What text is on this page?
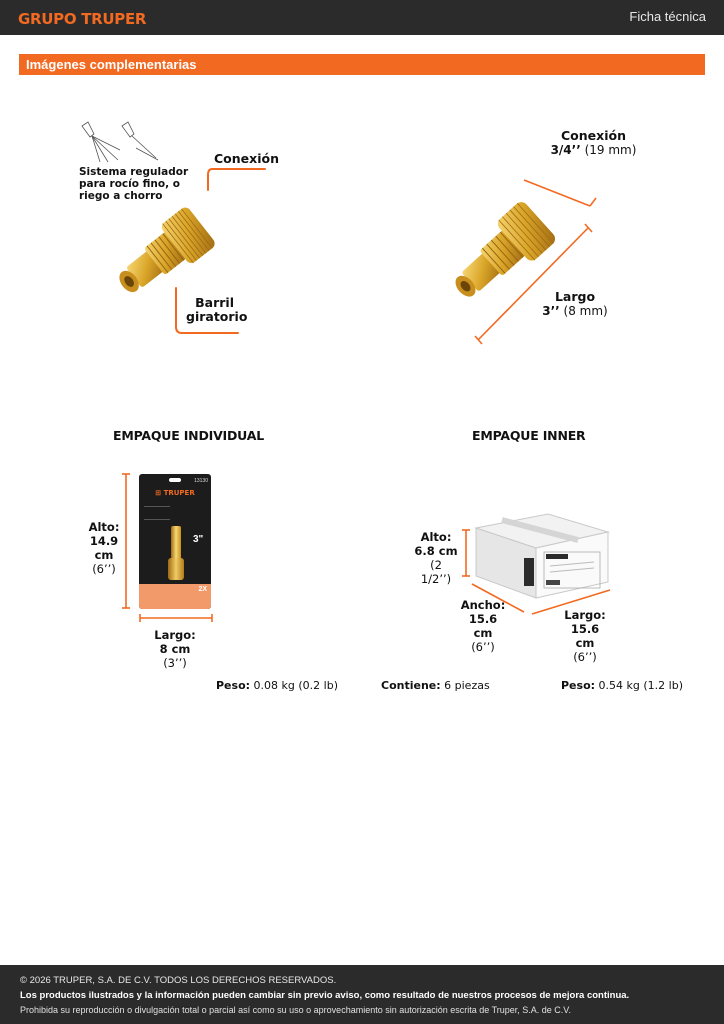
GRUPO TRUPER	Ficha técnica
Imágenes complementarias
Sistema regulador
para rocío fino, o
riego a chorro
Conexión
Barril
giratorio
Conexión
3/4’’ (19 mm)
Largo
3’’ (8 mm)
EMPAQUE INDIVIDUAL
Alto:
14.9 cm
(6’’)
13130
⊞ TRUPER
3"
2X
Largo:
8 cm
(3’’)
Peso: 0.08 kg (0.2 lb)
EMPAQUE INNER
Alto:
6.8 cm
(2 1/2’’)
Ancho:
15.6 cm
(6’’)
Largo:
15.6 cm
(6’’)
Contiene: 6 piezas	Peso: 0.54 kg (1.2 lb)
© 2026 TRUPER, S.A. DE C.V. TODOS LOS DERECHOS RESERVADOS.
Los productos ilustrados y la información pueden cambiar sin previo aviso, como resultado de nuestros procesos de mejora continua.
Prohibida su reproducción o divulgación total o parcial así como su uso o aprovechamiento sin autorización escrita de Truper, S.A. de C.V.
